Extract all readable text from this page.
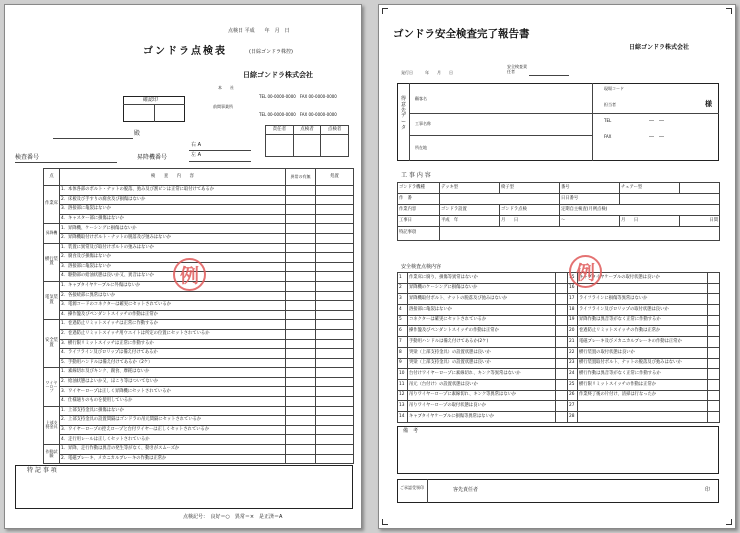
点検日 平成　　年　月　日
ゴンドラ点検表	(日綜ゴンドラ株控)
日綜ゴンドラ株式会社
本　　社
TEL 00-0000-0000　FAX 00-0000-0000
前間事業所
TEL 00-0000-0000　FAX 00-0000-0000
確認印
殿
責任者	点検者	点検者

検査番号	昇降機番号
右 A
左 A
点	検　　査　　内　　容	異常の有無	処置
作業床	1．本体各部のボルト・ナットの脱落、弛み及び割ピンは正常に取付けてあるか		
	2．床板及び手すりの腐食及び損傷はないか		
	3．溶接部に亀裂はないか		
	4．キャスター部に損傷はないか		
昇降機	1．昇降機、ケーシングに損傷はないか		
	2．昇降機取付けボルト・ナットの脱落及び弛みはないか		
横行装置	1．装置に異常及び取付けボルトの弛みはないか		
	2．腐食及び損傷はないか		
	3．溶接部に亀裂はないか		
	4．駆動部の給油状態は良いか又、異音はないか		
電気装置	1．キャブタイヤケーブルに外傷はないか		
	2．各接続部に異常はないか		
	3．電源コードのコネクターは確実にセットされているか		
	4．操作盤及びペンダントスイッチの作動は正常か		
安全装置	1．巻過防止リミットスイッチは正常に作動するか		
	2．巻過防止リミットスイッチ用ウエイトは所定の位置にセットされているか		
	3．横行限リミットスイッチは正常に作動するか		
	4．ライフライン及びロリップは備え付けてあるか		
	5．手動用ハンドルは備え付けてあるか（2ケ）		
ワイヤーロープ	1．素線切れ及びキンク、腐食、摩耗はないか		
	2．給油状態はよいか又、ほこり等はついてないか		
	3．ワイヤーロープは正しく昇降機にセットされているか		
	4．仕様通りのものを使用しているか		
上部支持金具	1．上部支持金具に損傷はないか		
	2．上部支持金具の設置間隔はゴンドラの吊元間隔にセットされているか		
	3．ワイヤーロープの控えロープと台付ワイヤーは正しくセットされているか		
	4．走行用レールは正しくセットされているか		
作動試験	1．昇降、走行作動は異音の発生等がなく、動きがスムーズか		
	2．電磁ブレーキ、メカニカルブレーキの作動は正常か		
特 記 事 項
点検記号：　良好＝○　異常＝×　是正済＝A
例
ゴンドラ安全検査完了報告書
日綜ゴンドラ株式会社
発行日　　　年　　月　　日
安全検査責任者
得意先データ
顧客名
工事名称
所在地
現場コード
担当者	様
TEL	―　―
FAX	―　―
工 事 内 容
ゴンドラ機種	デッキ型	椅子型	番号	チェアー型	
作　番			日日番号		
作業内容	ゴンドラ設置	ゴンドラ点検	定期自主検査(月例点検)		
工事日	平成　 年	月　　 日	～	月　　 日	日間
特記事項					
安全検査点検内容
1	作業床に腐り、損傷等異常はないか		15	キャブタイヤケーブルの取付状態は良いか	
2	昇降機のケーシングに損傷はないか		16		
3	昇降機取付ボルト、ナットの脱落及び弛みはないか		17	ライフラインに損傷等異常はないか	
4	溶接部に亀裂はないか		18	ライフライン及びロリップの取付状態は良いか	
5	コネクターは確実にセットされているか		19	昇降作動は異音等がなく正常に作動するか	
6	操作盤及びペンダントスイッチの作動は正常か		20	巻過防止リミットスイッチの作動は正常か	
7	手動用ハンドルは備え付けてあるか(2ケ)		21	電磁ブレーキ及びメカニカルブレーキの作動は正常か	
8	突梁（上部支持金具）の設置状態は良いか		22	横行装置の取付状態は良いか	
9	突梁（上部支持金具）の設置状態は良いか		23	横行装置取付ボルト、ナットの脱落及び弛みはないか	
10	台付けワイヤーロープに素線切れ、キンク等異常はないか		24	横行作動は異音等がなく正常に作動するか	
11	吊元（台付け）の設置状態は良いか		25	横行限リミットスイッチの作動は正常か	
12	吊りワイヤーロープに素線切れ、キンク等異常はないか		26	作業終了後の片付け、清掃は行なったか	
13	吊りワイヤーロープの取付状態は良いか		27		
14	キャブタイヤケーブルに損傷等異常はないか		28		
備　考
ご承認受領印	客先責任者	印
例
